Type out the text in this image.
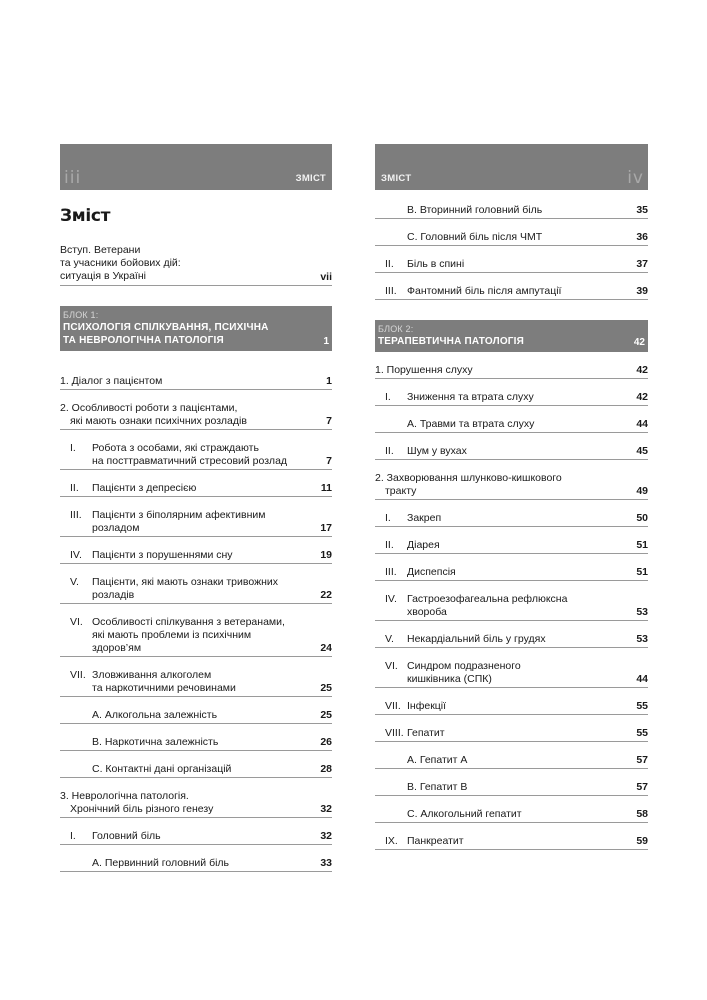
iii	ЗМІСТ
Зміст
Вступ. Ветерани
та учасники бойових дій:
ситуація в Україні	vii
БЛОК 1:
ПСИХОЛОГІЯ СПІЛКУВАННЯ, ПСИХІЧНА
ТА НЕВРОЛОГІЧНА ПАТОЛОГІЯ	1
1. Діалог з пацієнтом	1
2. Особливості роботи з пацієнтами,
які мають ознаки психічних розладів	7
I. Робота з особами, які страждають
на посттравматичний стресовий розлад	7
II. Пацієнти з депресією	11
III. Пацієнти з біполярним афективним
розладом	17
IV. Пацієнти з порушеннями сну	19
V. Пацієнти, які мають ознаки тривожних
розладів	22
VI. Особливості спілкування з ветеранами,
які мають проблеми із психічним
здоров’ям	24
VII. Зловживання алкоголем
та наркотичними речовинами	25
A. Алкогольна залежність	25
B. Наркотична залежність	26
C. Контактні дані організацій	28
3. Неврологічна патологія.
Хронічний біль різного генезу	32
I. Головний біль	32
A. Первинний головний біль	33
ЗМІСТ	iv
B. Вторинний головний біль	35
C. Головний біль після ЧМТ	36
II. Біль в спині	37
III. Фантомний біль після ампутації	39
БЛОК 2:
ТЕРАПЕВТИЧНА ПАТОЛОГІЯ	42
1. Порушення слуху	42
I. Зниження та втрата слуху	42
A. Травми та втрата слуху	44
II. Шум у вухах	45
2. Захворювання шлунково-кишкового
тракту	49
I. Закреп	50
II. Діарея	51
III. Диспепсія	51
IV. Гастроезофагеальна рефлюксна
хвороба	53
V. Некардіальний біль у грудях	53
VI. Синдром подразненого
кишківника (СПК)	44
VII. Інфекції	55
VIII. Гепатит	55
A. Гепатит A	57
B. Гепатит B	57
C. Алкогольний гепатит	58
IX. Панкреатит	59
